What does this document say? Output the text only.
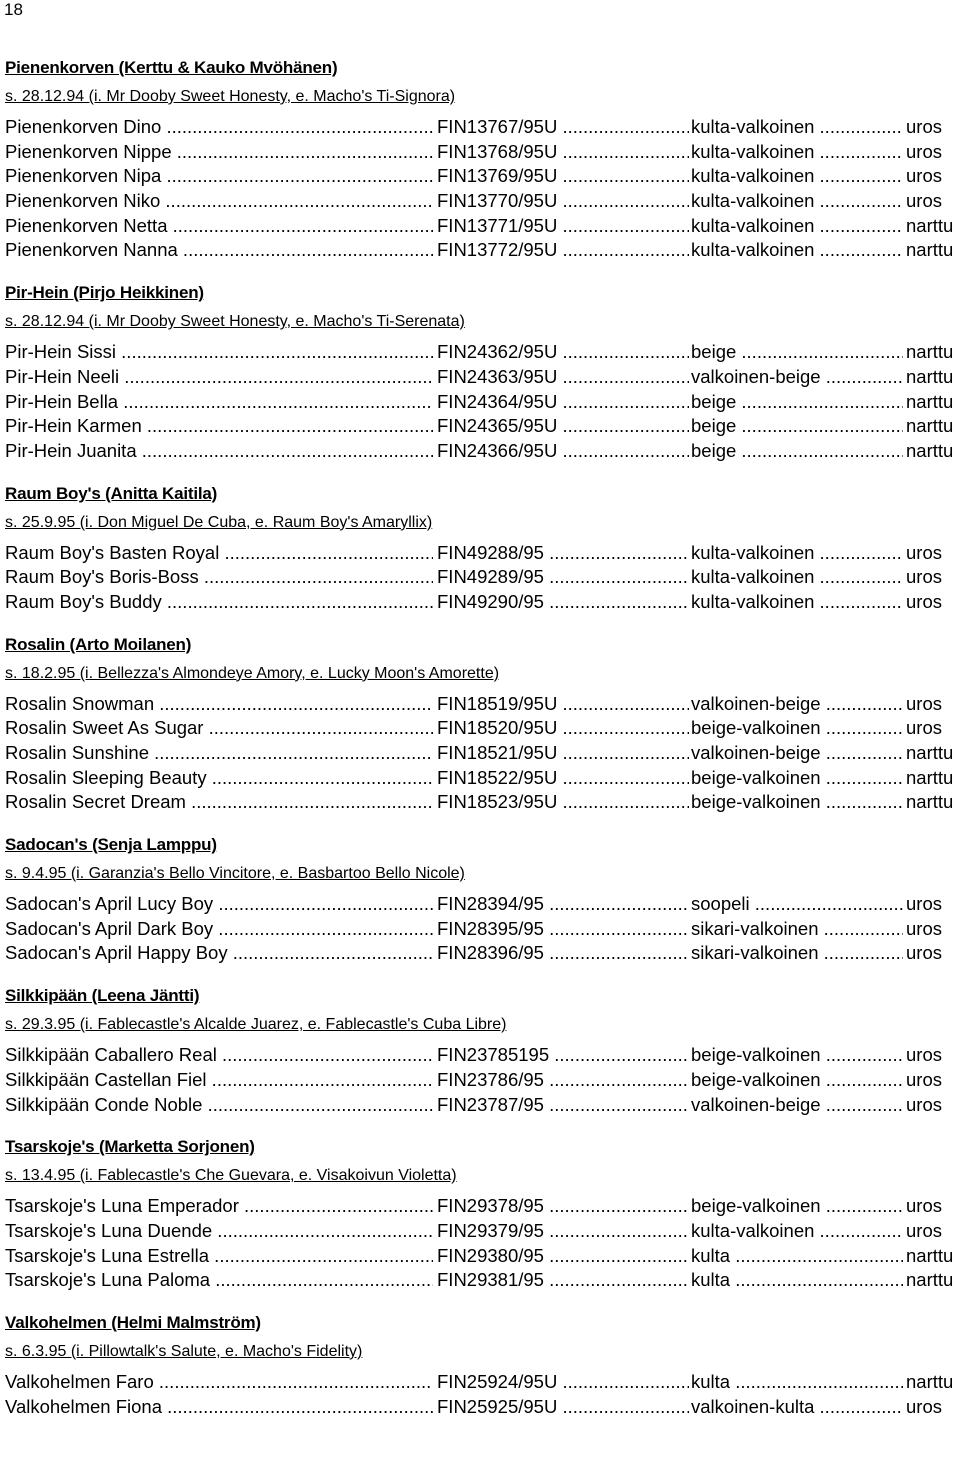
18
Pienenkorven (Kerttu & Kauko Mvöhänen)
s. 28.12.94 (i. Mr Dooby Sweet Honesty, e. Macho's Ti-Signora)
Pienenkorven Dino .....	FIN13767/95U .....	kulta-valkoinen .....	uros
Pienenkorven Nippe .....	FIN13768/95U .....	kulta-valkoinen .....	uros
Pienenkorven Nipa .....	FIN13769/95U .....	kulta-valkoinen .....	uros
Pienenkorven Niko .....	FIN13770/95U .....	kulta-valkoinen .....	uros
Pienenkorven Netta .....	FIN13771/95U .....	kulta-valkoinen .....	narttu
Pienenkorven Nanna .....	FIN13772/95U .....	kulta-valkoinen .....	narttu
Pir-Hein (Pirjo Heikkinen)
s. 28.12.94 (i. Mr Dooby Sweet Honesty, e. Macho's Ti-Serenata)
Pir-Hein Sissi .....	FIN24362/95U .....	beige .....	narttu
Pir-Hein Neeli .....	FIN24363/95U .....	valkoinen-beige .....	narttu
Pir-Hein Bella .....	FIN24364/95U .....	beige .....	narttu
Pir-Hein Karmen .....	FIN24365/95U .....	beige .....	narttu
Pir-Hein Juanita .....	FIN24366/95U .....	beige .....	narttu
Raum Boy's (Anitta Kaitila)
s. 25.9.95 (i. Don Miguel De Cuba, e. Raum Boy's Amaryllix)
Raum Boy's Basten Royal .....	FIN49288/95 .....	kulta-valkoinen .....	uros
Raum Boy's Boris-Boss .....	FIN49289/95 .....	kulta-valkoinen .....	uros
Raum Boy's Buddy .....	FIN49290/95 .....	kulta-valkoinen .....	uros
Rosalin (Arto Moilanen)
s. 18.2.95 (i. Bellezza's Almondeye Amory, e. Lucky Moon's Amorette)
Rosalin Snowman .....	FIN18519/95U .....	valkoinen-beige .....	uros
Rosalin Sweet As Sugar .....	FIN18520/95U .....	beige-valkoinen .....	uros
Rosalin Sunshine .....	FIN18521/95U .....	valkoinen-beige .....	narttu
Rosalin Sleeping Beauty .....	FIN18522/95U .....	beige-valkoinen .....	narttu
Rosalin Secret Dream .....	FIN18523/95U .....	beige-valkoinen .....	narttu
Sadocan's (Senja Lamppu)
s. 9.4.95 (i. Garanzia's Bello Vincitore, e. Basbartoo Bello Nicole)
Sadocan's April Lucy Boy .....	FIN28394/95 .....	soopeli .....	uros
Sadocan's April Dark Boy .....	FIN28395/95 .....	sikari-valkoinen .....	uros
Sadocan's April Happy Boy .....	FIN28396/95 .....	sikari-valkoinen .....	uros
Silkkipään (Leena Jäntti)
s. 29.3.95 (i. Fablecastle's Alcalde Juarez, e. Fablecastle's Cuba Libre)
Silkkipään Caballero Real .....	FIN23785195 .....	beige-valkoinen .....	uros
Silkkipään Castellan Fiel .....	FIN23786/95 .....	beige-valkoinen .....	uros
Silkkipään Conde Noble .....	FIN23787/95 .....	valkoinen-beige .....	uros
Tsarskoje's (Marketta Sorjonen)
s. 13.4.95 (i. Fablecastle's Che Guevara, e. Visakoivun Violetta)
Tsarskoje's Luna Emperador .....	FIN29378/95 .....	beige-valkoinen .....	uros
Tsarskoje's Luna Duende .....	FIN29379/95 .....	kulta-valkoinen .....	uros
Tsarskoje's Luna Estrella .....	FIN29380/95 .....	kulta .....	narttu
Tsarskoje's Luna Paloma .....	FIN29381/95 .....	kulta .....	narttu
Valkohelmen (Helmi Malmström)
s. 6.3.95 (i. Pillowtalk's Salute, e. Macho's Fidelity)
Valkohelmen Faro .....	FIN25924/95U .....	kulta .....	narttu
Valkohelmen Fiona .....	FIN25925/95U .....	valkoinen-kulta .....	uros
